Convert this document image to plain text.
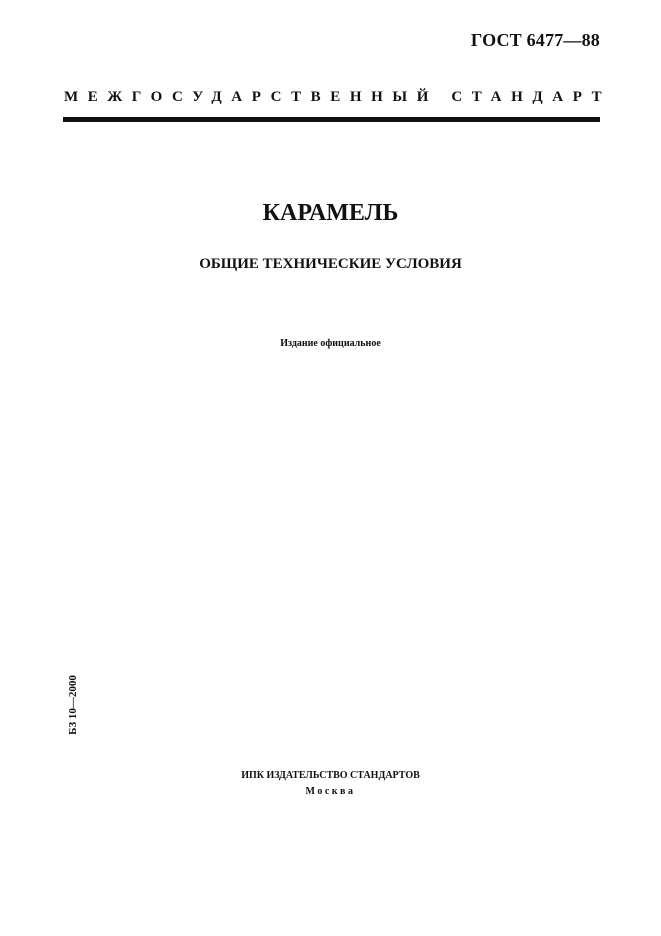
ГОСТ 6477—88
МЕЖГОСУДАРСТВЕННЫЙ СТАНДАРТ
КАРАМЕЛЬ
ОБЩИЕ ТЕХНИЧЕСКИЕ УСЛОВИЯ
Издание официальное
БЗ 10—2000
ИПК ИЗДАТЕЛЬСТВО СТАНДАРТОВ
Москва
